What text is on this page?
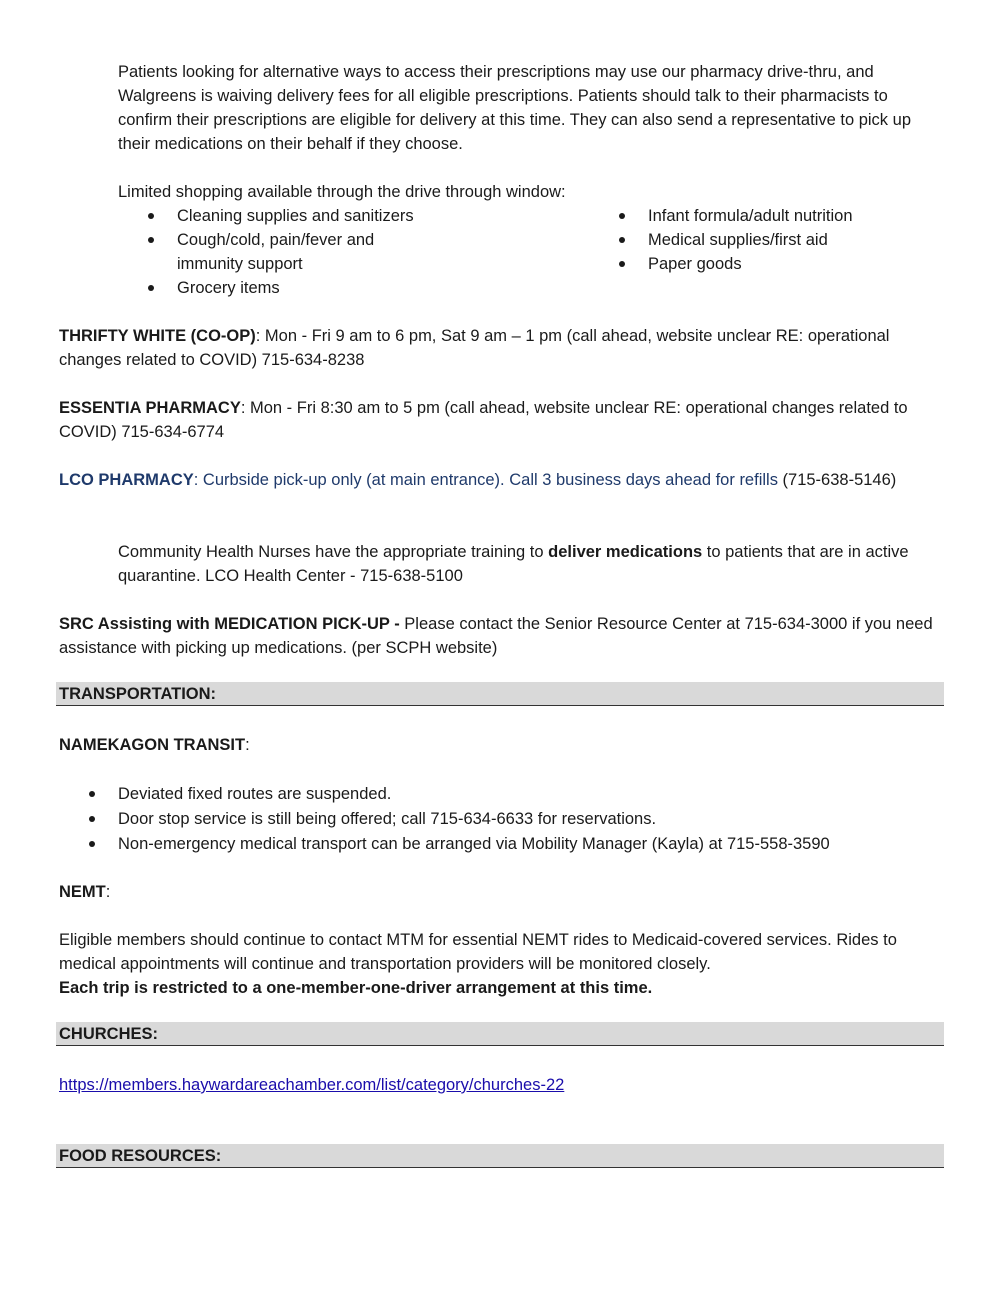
Patients looking for alternative ways to access their prescriptions may use our pharmacy drive-thru, and Walgreens is waiving delivery fees for all eligible prescriptions. Patients should talk to their pharmacists to confirm their prescriptions are eligible for delivery at this time. They can also send a representative to pick up their medications on their behalf if they choose.

Limited shopping available through the drive through window:

Cleaning supplies and sanitizers
Cough/cold, pain/fever and immunity support
Grocery items
Infant formula/adult nutrition
Medical supplies/first aid
Paper goods

THRIFTY WHITE (CO-OP): Mon - Fri 9 am to 6 pm, Sat 9 am – 1 pm (call ahead, website unclear RE: operational changes related to COVID) 715-634-8238

ESSENTIA PHARMACY: Mon - Fri 8:30 am to 5 pm (call ahead, website unclear RE: operational changes related to COVID) 715-634-6774

LCO PHARMACY: Curbside pick-up only (at main entrance). Call 3 business days ahead for refills (715-638-5146)

Community Health Nurses have the appropriate training to deliver medications to patients that are in active quarantine. LCO Health Center - 715-638-5100

SRC Assisting with MEDICATION PICK-UP - Please contact the Senior Resource Center at 715-634-3000 if you need assistance with picking up medications. (per SCPH website)

TRANSPORTATION:

NAMEKAGON TRANSIT:

Deviated fixed routes are suspended.
Door stop service is still being offered; call 715-634-6633 for reservations.
Non-emergency medical transport can be arranged via Mobility Manager (Kayla) at 715-558-3590

NEMT:

Eligible members should continue to contact MTM for essential NEMT rides to Medicaid-covered services. Rides to medical appointments will continue and transportation providers will be monitored closely.
Each trip is restricted to a one-member-one-driver arrangement at this time.

CHURCHES:

https://members.haywardareachamber.com/list/category/churches-22

FOOD RESOURCES:
